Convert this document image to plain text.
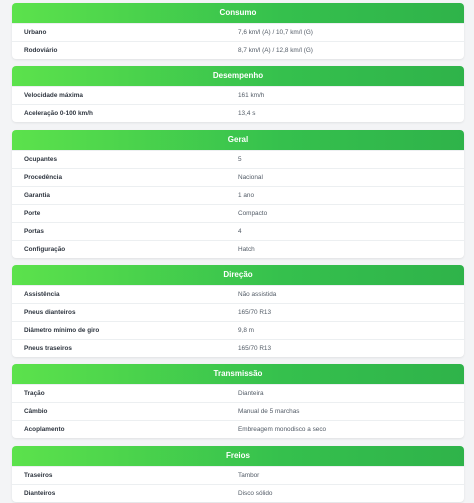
Consumo
Urbano	7,6 km/l (A) / 10,7 km/l (G)
Rodoviário	8,7 km/l (A) / 12,8 km/l (G)
Desempenho
Velocidade máxima	161 km/h
Aceleração 0-100 km/h	13,4 s
Geral
Ocupantes	5
Procedência	Nacional
Garantia	1 ano
Porte	Compacto
Portas	4
Configuração	Hatch
Direção
Assistência	Não assistida
Pneus dianteiros	165/70 R13
Diâmetro mínimo de giro	9,8 m
Pneus traseiros	165/70 R13
Transmissão
Tração	Dianteira
Câmbio	Manual de 5 marchas
Acoplamento	Embreagem monodisco a seco
Freios
Traseiros	Tambor
Dianteiros	Disco sólido
